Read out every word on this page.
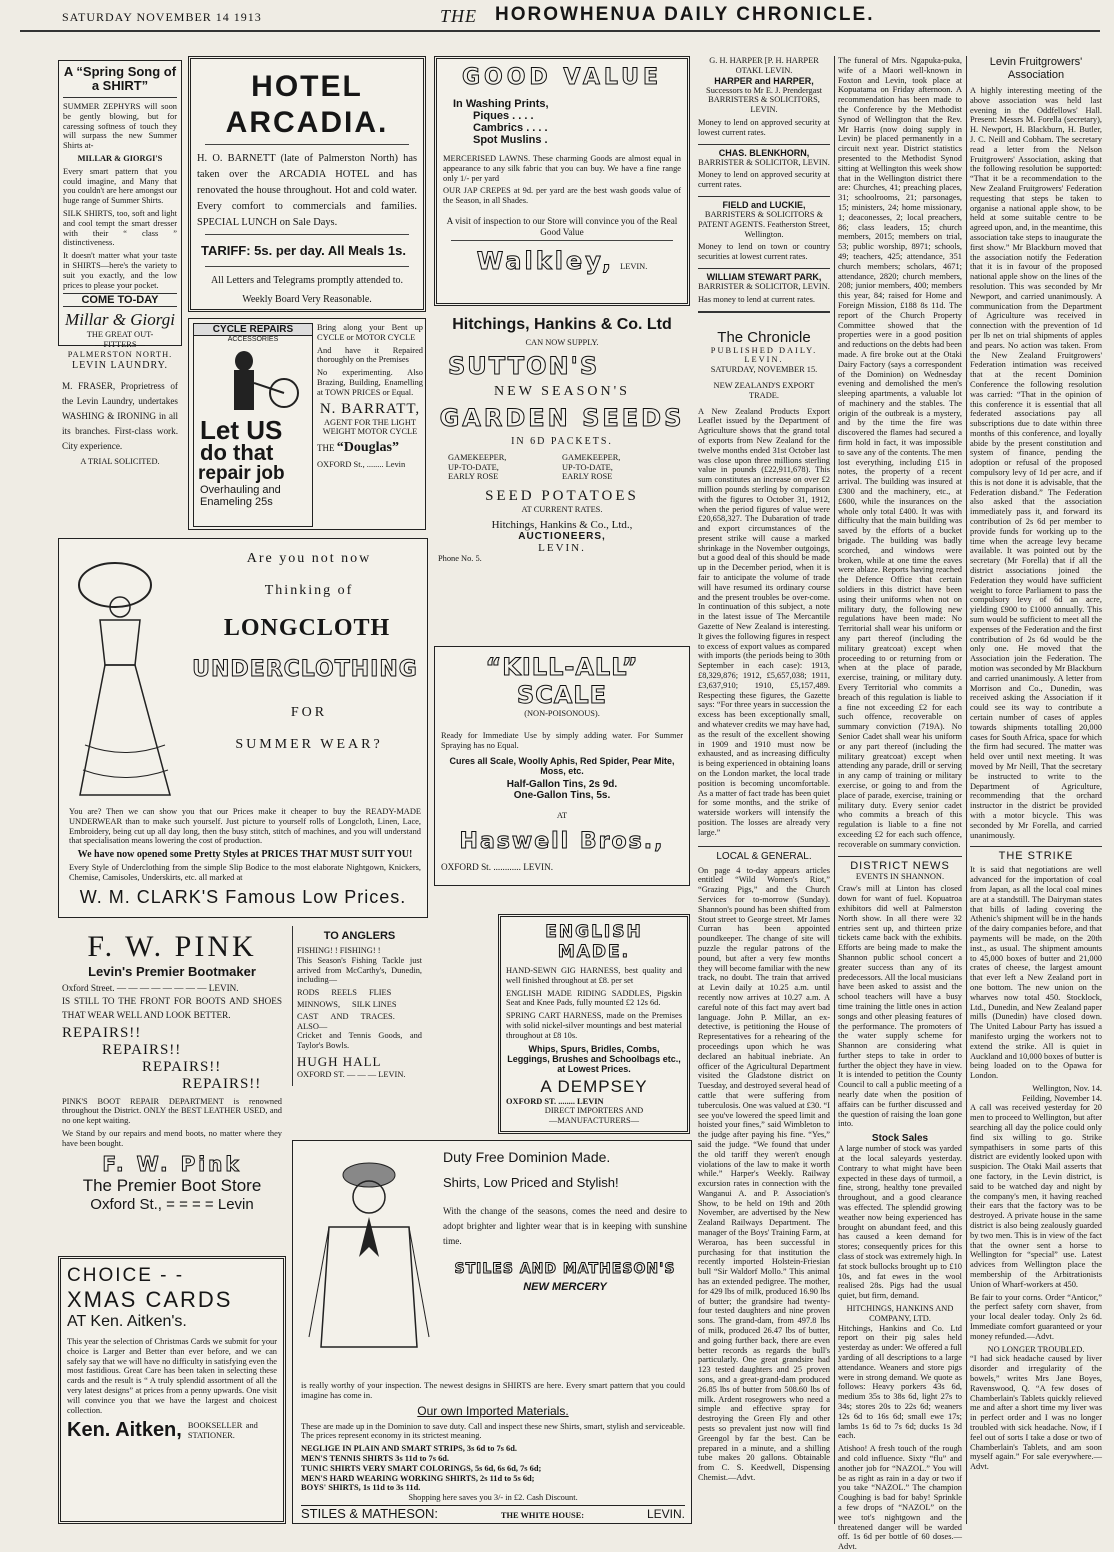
SATURDAY NOVEMBER 14 1913	THE HOROWHENUA DAILY CHRONICLE.
A “Spring Song of a SHIRT”

SUMMER ZEPHYRS will soon be gently blowing, but for caressing softness of touch they will surpass the new Summer Shirts at-

MILLAR & GIORGI'S

Every smart pattern that you could imagine, and Many that you couldn't are here amongst our huge range of Summer Shirts.

SILK SHIRTS, too, soft and light and cool tempt the smart dresser with their “ class ” distinctiveness.

It doesn't matter what your taste in SHIRTS—here's the variety to suit you exactly, and the low prices to please your pocket.

COME TO-DAY
Millar & Giorgi
THE GREAT OUT-
—FITTERS—
PALMERSTON NORTH.
LEVIN LAUNDRY.

M. FRASER, Proprietress of the Levin Laundry, undertakes WASHING & IRONING in all its branches. First-class work. City experience.

A TRIAL SOLICITED.
HOTEL ARCADIA.

H. O. BARNETT (late of Palmerston North) has taken over the ARCADIA HOTEL and has renovated the house throughout. Hot and cold water. Every comfort to commercials and families. SPECIAL LUNCH on Sale Days.

TARIFF: 5s. per day. All Meals 1s.
All Letters and Telegrams promptly attended to.
Weekly Board Very Reasonable.
CYCLE REPAIRS
ACCESSORIES
Let US
do that
repair job
Overhauling and
Enameling 25s

Bring along your Bent up CYCLE or MOTOR CYCLE

And have it Repaired thoroughly on the Premises

No experimenting. Also Brazing, Building, Enamelling at TOWN PRICES or Equal.

N. BARRATT,

AGENT FOR THE LIGHT WEIGHT MOTOR CYCLE

THE “Douglas”

OXFORD St., ........ Levin

Are you not now
Thinking of
LONGCLOTH
UNDERCLOTHING
FOR
SUMMER WEAR?

You are? Then we can show you that our Prices make it cheaper to buy the READY-MADE UNDERWEAR than to make such yourself. Just picture to yourself rolls of Longcloth, Linen, Lace, Embroidery, being cut up all day long, then the busy stitch, stitch of machines, and you will understand that specialisation means lowering the cost of production.

We have now opened some Pretty Styles at PRICES THAT MUST SUIT YOU!

Every Style of Underclothing from the simple Slip Bodice to the most elaborate Nightgown, Knickers, Chemise, Camisoles, Underskirts, etc. all marked at

W. M. CLARK'S Famous Low Prices.
F. W. PINK
Levin's Premier Bootmaker
Oxford Street. — — — — — — — — LEVIN.

IS STILL TO THE FRONT FOR BOOTS AND SHOES THAT WEAR WELL AND LOOK BETTER.

REPAIRS!!
REPAIRS!!
REPAIRS!!
REPAIRS!!

PINK'S BOOT REPAIR DEPARTMENT is renowned throughout the District. ONLY the BEST LEATHER USED, and no one kept waiting.

We Stand by our repairs and mend boots, no matter where they have been bought.

F. W. Pink
The Premier Boot Store
Oxford St., = = = = Levin
TO ANGLERS
FISHING! ! FISHING! !

This Season's Fishing Tackle just arrived from McCarthy's, Dunedin, including—

RODS REELS FLIES
MINNOWS, SILK LINES
CAST AND TRACES.
ALSO—

Cricket and Tennis Goods, and Taylor's Bowls.

HUGH HALL
OXFORD ST. — — — LEVIN.
CHOICE - -
XMAS CARDS
AT Ken. Aitken's.

This year the selection of Christmas Cards we submit for your choice is Larger and Better than ever before, and we can safely say that we will have no difficulty in satisfying even the most fastidious. Great Care has been taken in selecting these cards and the result is “ A truly splendid assortment of all the very latest designs” at prices from a penny upwards. One visit will convince you that we have the largest and choicest collection.

Ken. Aitken, BOOKSELLER and STATIONER.
GOOD VALUE
In Washing Prints,
Piques . . . .
Cambrics . . . .
Spot Muslins .

MERCERISED LAWNS. These charming Goods are almost equal in appearance to any silk fabric that you can buy. We have a fine range only 1/- per yard

OUR JAP CREPES at 9d. per yard are the best wash goods value of the Season, in all Shades.

A visit of inspection to our Store will convince you of the Real Good Value

Walkley, LEVIN.
Hitchings, Hankins & Co. Ltd
CAN NOW SUPPLY.
SUTTON'S
NEW SEASON'S
GARDEN SEEDS
IN 6D PACKETS.
GAMEKEEPER,	GAMEKEEPER,
UP-TO-DATE,	UP-TO-DATE,
EARLY ROSE	EARLY ROSE
SEED POTATOES
AT CURRENT RATES.
Hitchings, Hankins & Co., Ltd.,
AUCTIONEERS,
LEVIN.
Phone No. 5.
“KILL-ALL” SCALE
(NON-POISONOUS).

Ready for Immediate Use by simply adding water. For Summer Spraying has no Equal.

Cures all Scale, Woolly Aphis, Red Spider, Pear Mite, Moss, etc.

Half-Gallon Tins, 2s 9d.
One-Gallon Tins, 5s.
AT
Haswell Bros.,
OXFORD St. ............ LEVIN.
ENGLISH MADE.

HAND-SEWN GIG HARNESS, best quality and well finished throughout at £8. per set

ENGLISH MADE RIDING SADDLES, Pigskin Seat and Knee Pads, fully mounted £2 12s 6d.

SPRING CART HARNESS, made on the Premises with solid nickel-silver mountings and best material throughout at £8 10s.

Whips, Spurs, Bridles, Combs, Leggings, Brushes and Schoolbags etc., at Lowest Prices.

A DEMPSEY
OXFORD ST. ........ LEVIN
DIRECT IMPORTERS AND
—MANUFACTURERS—
Duty Free Dominion Made.
Shirts, Low Priced and Stylish!

With the change of the seasons, comes the need and desire to adopt brighter and lighter wear that is in keeping with sunshine time.

STILES AND MATHESON'S
NEW MERCERY

is really worthy of your inspection. The newest designs in SHIRTS are here. Every smart pattern that you could imagine has come in.

Our own Imported Materials.

These are made up in the Dominion to save duty. Call and inspect these new Shirts, smart, stylish and serviceable. The prices represent economy in its strictest meaning.

NEGLIGE IN PLAIN AND SMART STRIPS, 3s 6d to 7s 6d.
MEN'S TENNIS SHIRTS 3s 11d to 7s 6d.
TUNIC SHIRTS VERY SMART COLORINGS, 5s 6d, 6s 6d, 7s 6d;
MEN'S HARD WEARING WORKING SHIRTS, 2s 11d to 5s 6d;
BOYS' SHIRTS, 1s 11d to 3s 11d.
Shopping here saves you 3/- in £2. Cash Discount.
STILES & MATHESON:	THE WHITE HOUSE:	LEVIN.
G. H. HARPER [P. H. HARPER
OTAKI. LEVIN.
HARPER and HARPER,

Successors to Mr E. J. Prendergast BARRISTERS & SOLICITORS, LEVIN.

Money to lend on approved security at lowest current rates.

CHAS. BLENKHORN,

BARRISTER & SOLICITOR, LEVIN.

Money to lend on approved security at current rates.

FIELD and LUCKIE,

BARRISTERS & SOLICITORS & PATENT AGENTS. Featherston Street, Wellington.

Money to lend on town or country securities at lowest current rates.

WILLIAM STEWART PARK,

BARRISTER & SOLICITOR, LEVIN.

Has money to lend at current rates.

The Chronicle
PUBLISHED DAILY.
LEVIN.
SATURDAY, NOVEMBER 15.
NEW ZEALAND'S EXPORT TRADE.

A New Zealand Products Export Leaflet issued by the Department of Agriculture shows that the grand total of exports from New Zealand for the twelve months ended 31st October last was close upon three millions sterling value in pounds (£22,911,678). This sum constitutes an increase on over £2 million pounds sterling by comparison with the figures to October 31, 1912, when the period figures of value were £20,658,327. The Dubaration of trade and export circumstances of the present strike will cause a marked shrinkage in the November outgoings, but a good deal of this should be made up in the December period, when it is fair to anticipate the volume of trade will have resumed its ordinary course and the present troubles be over-come. In continuation of this subject, a note in the latest issue of The Mercantile Gazette of New Zealand is interesting. It gives the following figures in respect to excess of export values as compared with imports (the periods being to 30th September in each case): 1913, £8,329,876; 1912, £5,657,038; 1911, £3,637,910; 1910, £5,157,489. Respecting these figures, the Gazette says: “For three years in succession the excess has been exceptionally small, and whatever credits we may have had, as the result of the excellent showing in 1909 and 1910 must now be exhausted, and as increasing difficulty is being experienced in obtaining loans on the London market, the local trade position is becoming uncomfortable. As a matter of fact trade has been quiet for some months, and the strike of waterside workers will intensify the position. The losses are already very large.”

LOCAL & GENERAL.

On page 4 to-day appears articles entitled “Wild Women's Riot,” “Grazing Pigs,” and the Church Services for to-morrow (Sunday). Shannon's pound has been shifted from Stout street to George street. Mr James Curran has been appointed poundkeeper. The change of site will puzzle the regular patrons of the pound, but after a very few months they will become familiar with the new track, no doubt. The train that arrived at Levin daily at 10.25 a.m. until recently now arrives at 10.27 a.m. A careful note of this fact may avert bad language. John P. Millar, an ex-detective, is petitioning the House of Representatives for a rehearing of the proceedings upon which he was declared an habitual inebriate. An officer of the Agricultural Department visited the Gladstone district on Tuesday, and destroyed several head of cattle that were suffering from tuberculosis. One was valued at £30. “I see you've lowered the speed limit and hoisted your fines,” said Wimbleton to the judge after paying his fine. “Yes,” said the judge. “We found that under the old tariff they weren't enough violations of the law to make it worth while.” Harper's Weekly. Railway excursion rates in connection with the Wanganui A. and P. Association's Show, to be held on 19th and 20th November, are advertised by the New Zealand Railways Department. The manager of the Boys' Training Farm, at Weraroa, has been successful in purchasing for that institution the recently imported Holstein-Friesian bull “Sir Waldorf Mollo.” This animal has an extended pedigree. The mother, for 429 lbs of milk, produced 16.90 lbs of butter; the grandsire had twenty-four tested daughters and nine proven sons. The grand-dam, from 497.8 lbs of milk, produced 26.47 lbs of butter, and going further back, there are even better records as regards the bull's particularly. One great grandsire had 123 tested daughters and 25 proven sons, and a great-grand-dam produced 26.85 lbs of butter from 508.60 lbs of milk. Ardent rosegrowers who need a simple and effective spray for destroying the Green Fly and other pests so prevalent just now will find Greengol by far the best. Can be prepared in a minute, and a shilling tube makes 20 gallons. Obtainable from C. S. Keedwell, Dispensing Chemist.—Advt.

The funeral of Mrs. Ngapuka-puka, wife of a Maori well-known in Foxton and Levin, took place at Kopuatama on Friday afternoon. A recommendation has been made to the Conference by the Methodist Synod of Wellington that the Rev. Mr Harris (now doing supply in Levin) be placed permanently in a circuit next year. District statistics presented to the Methodist Synod sitting at Wellington this week show that in the Wellington district there are: Churches, 41; preaching places, 31; schoolrooms, 21; parsonages, 15; ministers, 24; home missionary, 1; deaconesses, 2; local preachers, 86; class leaders, 15; church members, 2015; members on trial, 53; public worship, 8971; schools, 49; teachers, 425; attendance, 351 church members; scholars, 4671; attendance, 2820; church members, 208; junior members, 400; members this year, 84; raised for Home and Foreign Mission, £188 8s 11d. The report of the Church Property Committee showed that the properties were in a good position and reductions on the debts had been made. A fire broke out at the Otaki Dairy Factory (says a correspondent of the Dominion) on Wednesday evening and demolished the men's sleeping apartments, a valuable lot of machinery and the stables. The origin of the outbreak is a mystery, and by the time the fire was discovered the flames had secured a firm hold in fact, it was impossible to save any of the contents. The men lost everything, including £15 in notes, the property of a recent arrival. The building was insured at £300 and the machinery, etc., at £600, while the insurances on the whole only total £400. It was with difficulty that the main building was saved by the efforts of a bucket brigade. The building was badly scorched, and windows were broken, while at one time the eaves were ablaze. Reports having reached the Defence Office that certain soldiers in this district have been using their uniforms when not on military duty, the following new regulations have been made: No Territorial shall wear his uniform or any part thereof (including the military greatcoat) except when proceeding to or returning from or when at the place of parade, exercise, training, or military duty. Every Territorial who commits a breach of this regulation is liable to a fine not exceeding £2 for each such offence, recoverable on summary conviction (719A). No Senior Cadet shall wear his uniform or any part thereof (including the military greatcoat) except when attending any parade, drill or serving in any camp of training or military exercise, or going to and from the place of parade, exercise, training or military duty. Every senior cadet who commits a breach of this regulation is liable to a fine not exceeding £2 for each such offence, recoverable on summary conviction.

DISTRICT NEWS
EVENTS IN SHANNON.

Craw's mill at Linton has closed down for want of fuel. Kopuatroa exhibitors did well at Palmerston North show. In all there were 32 entries sent up, and thirteen prize tickets came back with the exhibits. Efforts are being made to make the Shannon public school concert a greater success than any of its predecessors. All the local musicians have been asked to assist and the school teachers will have a busy time training the little ones in action songs and other pleasing features of the performance. The promoters of the water supply scheme for Shannon are considering what further steps to take in order to further the object they have in view. It is intended to petition the County Council to call a public meeting of a nearly date when the position of affairs can be further discussed and the question of raising the loan gone into.

Stock Sales

A large number of stock was yarded at the local saleyards yesterday. Contrary to what might have been expected in these days of turmoil, a fine, strong, healthy tone prevailed throughout, and a good clearance was effected. The splendid growing weather now being experienced has brought on abundant feed, and this has caused a keen demand for stores; consequently prices for this class of stock was extremely high. In fat stock bullocks brought up to £10 10s, and fat ewes in the wool realised 28s. Pigs had the usual quiet, but firm, demand.

HITCHINGS, HANKINS AND COMPANY, LTD.

Hitchings, Hankins and Co. Ltd report on their pig sales held yesterday as under: We offered a full yarding of all descriptions to a large attendance. Weaners and store pigs were in strong demand. We quote as follows: Heavy porkers 43s 6d, medium 35s to 38s 6d, light 27s to 34s; stores 20s to 22s 6d; weaners 12s 6d to 16s 6d; small ewe 17s; lambs 1s 6d to 7s 6d; ducks 1s 3d each.

Atishoo! A fresh touch of the rough and cold influence. Sixty “flu” and another job for “NAZOL.” You will be as right as rain in a day or two if you take “NAZOL.” The champion Coughing is bad for baby! Sprinkle a few drops of “NAZOL” on the wee tot's nightgown and the threatened danger will be warded off. 1s 6d per bottle of 60 doses.—Advt.

Levin Fruitgrowers' Association

A highly interesting meeting of the above association was held last evening in the Oddfellows' Hall. Present: Messrs M. Forella (secretary), H. Newport, H. Blackburn, H. Butler, J. C. Neill and Cobham. The secretary read a letter from the Nelson Fruitgrowers' Association, asking that the following resolution be supported: “That it be a recommendation to the New Zealand Fruitgrowers' Federation requesting that steps be taken to organise a national apple show, to be held at some suitable centre to be agreed upon, and, in the meantime, this association take steps to inaugurate the first show.” Mr Blackburn moved that the association notify the Federation that it is in favour of the proposed national apple show on the lines of the resolution. This was seconded by Mr Newport, and carried unanimously. A communication from the Department of Agriculture was received in connection with the prevention of 1d per lb net on trial shipments of apples and pears. No action was taken. From the New Zealand Fruitgrowers' Federation intimation was received that at the recent Dominion Conference the following resolution was carried: “That in the opinion of this conference it is essential that all federated associations pay all subscriptions due to date within three months of this conference, and loyally abide by the present constitution and system of finance, pending the adoption or refusal of the proposed compulsory levy of 1d per acre, and if this is not done it is advisable, that the Federation disband.” The Federation also asked that the association immediately pass it, and forward its contribution of 2s 6d per member to provide funds for working up to the time when the acreage levy became available. It was pointed out by the secretary (Mr Forella) that if all the district associations joined the Federation they would have sufficient weight to force Parliament to pass the compulsory levy of 6d an acre, yielding £900 to £1000 annually. This sum would be sufficient to meet all the expenses of the Federation and the first contribution of 2s 6d would be the only one. He moved that the Association join the Federation. The motion was seconded by Mr Blackburn and carried unanimously. A letter from Morrison and Co., Dunedin, was received asking the Association if it could see its way to contribute a certain number of cases of apples towards shipments totalling 20,000 cases for South Africa, space for which the firm had secured. The matter was held over until next meeting. It was moved by Mr Neill, That the secretary be instructed to write to the Department of Agriculture, recommending that the orchard instructor in the district be provided with a motor bicycle. This was seconded by Mr Forella, and carried unanimously.

THE STRIKE

It is said that negotiations are well advanced for the importation of coal from Japan, as all the local coal mines are at a standstill. The Dairyman states that bills of lading covering the Athenic's shipment will be in the hands of the dairy companies before, and that payments will be made, on the 20th inst., as usual. The shipment amounts to 45,000 boxes of butter and 21,000 crates of cheese, the largest amount that ever left a New Zealand port in one bottom. The new union on the wharves now total 450. Stocklock, Ltd., Dunedin, and New Zealand paper mills (Dunedin) have closed down. The United Labour Party has issued a manifesto urging the workers not to extend the strike. All is quiet in Auckland and 10,000 boxes of butter is being loaded on to the Opawa for London.

Wellington, Nov. 14.
Feilding, November 14.

A call was received yesterday for 20 men to proceed to Wellington, but after searching all day the police could only find six willing to go. Strike sympathisers in some parts of this district are evidently looked upon with suspicion. The Otaki Mail asserts that one factory, in the Levin district, is said to be watched day and night by the company's men, it having reached their ears that the factory was to be destroyed. A private house in the same district is also being zealously guarded by two men. This is in view of the fact that the owner sent a horse to Wellington for “special” use. Latest advices from Wellington place the membership of the Arbitrationists Union of Wharf-workers at 450.

Be fair to your corns. Order “Anticor,” the perfect safety corn shaver, from your local dealer today. Only 2s 6d. Immediate comfort guaranteed or your money refunded.—Advt.

NO LONGER TROUBLED.

“I had sick headache caused by liver disorder and irregularity of the bowels,” writes Mrs Jane Boyes, Ravenswood, Q. “A few doses of Chamberlain's Tablets quickly relieved me and after a short time my liver was in perfect order and I was no longer troubled with sick headache. Now, if I feel out of sorts I take a dose or two of Chamberlain's Tablets, and am soon myself again.” For sale everywhere.—Advt.
